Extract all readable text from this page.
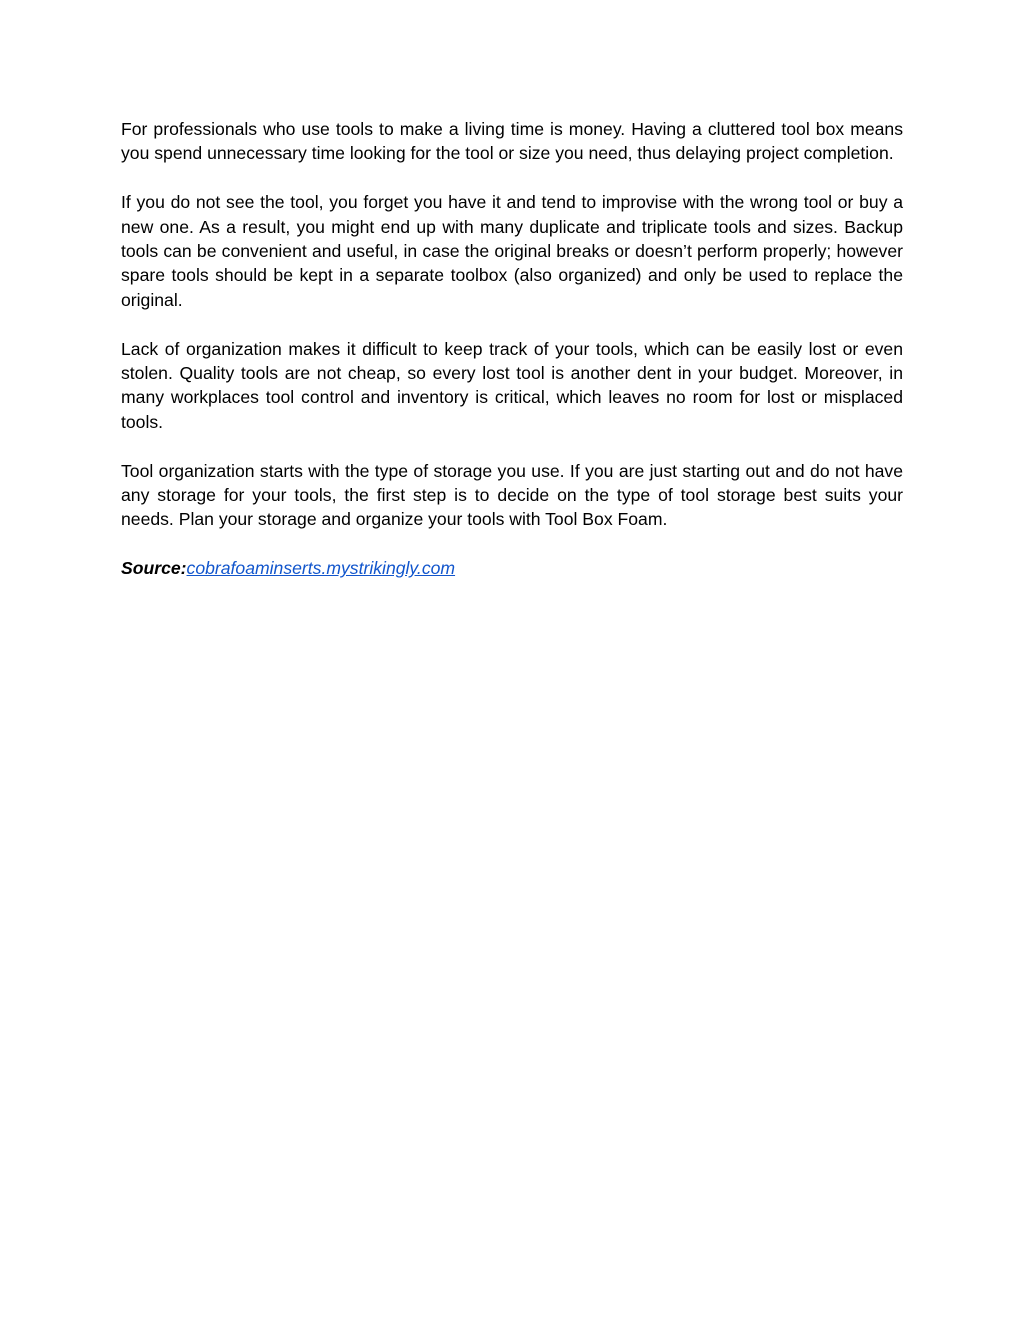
For professionals who use tools to make a living time is money. Having a cluttered tool box means you spend unnecessary time looking for the tool or size you need, thus delaying project completion.

If you do not see the tool, you forget you have it and tend to improvise with the wrong tool or buy a new one. As a result, you might end up with many duplicate and triplicate tools and sizes. Backup tools can be convenient and useful, in case the original breaks or doesn’t perform properly; however spare tools should be kept in a separate toolbox (also organized) and only be used to replace the original.

Lack of organization makes it difficult to keep track of your tools, which can be easily lost or even stolen. Quality tools are not cheap, so every lost tool is another dent in your budget. Moreover, in many workplaces tool control and inventory is critical, which leaves no room for lost or misplaced tools.

Tool organization starts with the type of storage you use. If you are just starting out and do not have any storage for your tools, the first step is to decide on the type of tool storage best suits your needs. Plan your storage and organize your tools with Tool Box Foam.

Source:cobrafoaminserts.mystrikingly.com
